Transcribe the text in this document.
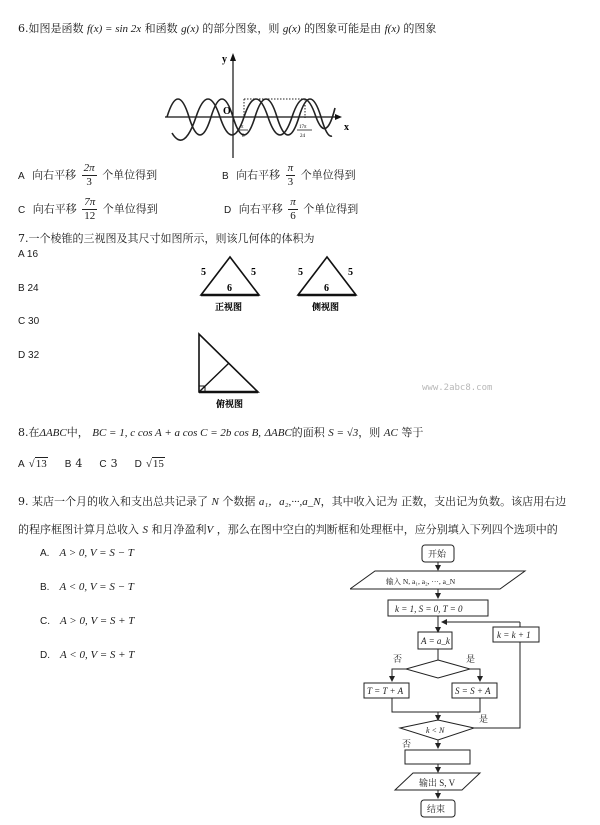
6.如图是函数 f(x) = sin 2x 和函数 g(x) 的部分图象，则 g(x) 的图象可能是由 f(x) 的图象
y
x
O
π
8
17π
24
A 向右平移 $\frac{2\pi}{3}$ 个单位得到	B 向右平移 $\frac{\pi}{3}$ 个单位得到
C 向右平移 $\frac{7\pi}{12}$ 个单位得到	D 向右平移 $\frac{\pi}{6}$ 个单位得到
7.一个棱锥的三视图及其尺寸如图所示，则该几何体的体积为
A 16
B 24
C 30
D 32
5	5
6
正视图
5	5
6
侧视图
俯视图
www.2abc8.com
8.在ΔABC中， BC = 1, c cos A + a cos C = 2b cos B, ΔABC的面积 S = √3，则 AC 等于
A √13 B 4 C 3 D √15
9. 某店一个月的收入和支出总共记录了 N 个数据 a₁，a₂,···,a_N，其中收入记为 正数，支出记为负数。该店用右边
的程序框图计算月总收入 S 和月净盈利V ，那么在图中空白的判断框和处理框中，应分别填入下列四个选项中的
A. A > 0, V = S − T
B. A < 0, V = S − T
C. A > 0, V = S + T
D. A < 0, V = S + T
开始
输入 N, a₁, a₂, ···, a_N
k = 1, S = 0, T = 0
A = a_k
否	是
T = T + A	S = S + A
k = k + 1
k < N
是
否
输出 S, V
结束
